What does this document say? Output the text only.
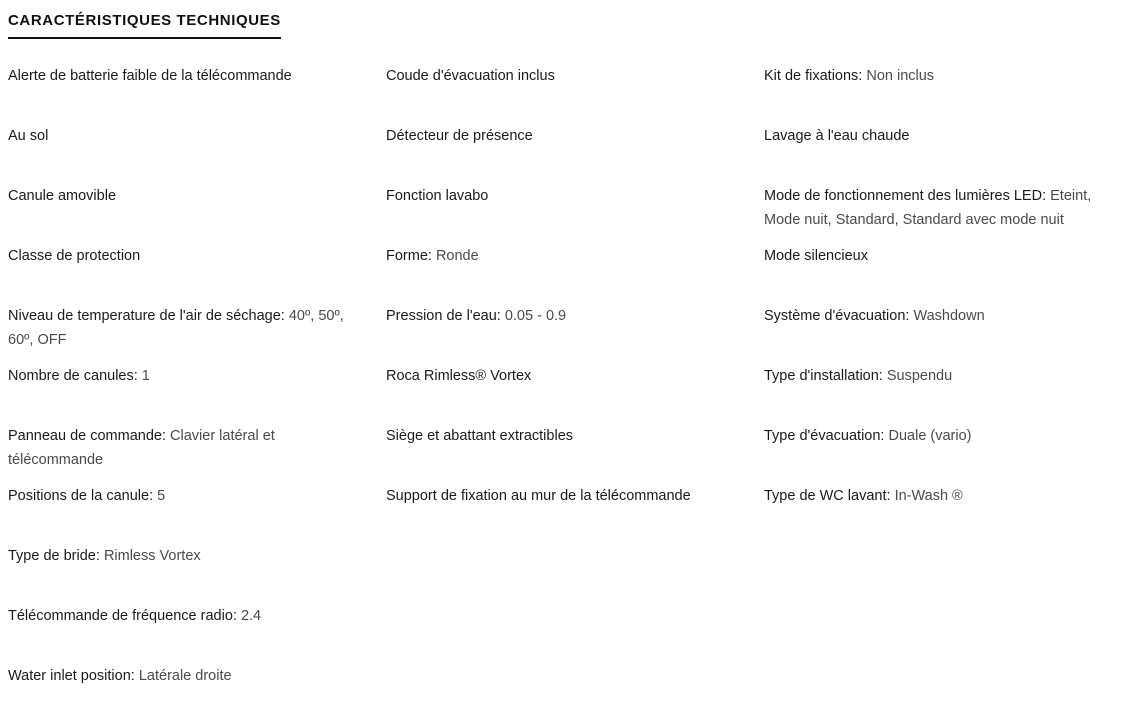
CARACTÉRISTIQUES TECHNIQUES
Alerte de batterie faible de la télécommande
Au sol
Canule amovible
Classe de protection
Niveau de temperature de l'air de séchage: 40º, 50º, 60º, OFF
Nombre de canules: 1
Panneau de commande: Clavier latéral et télécommande
Positions de la canule: 5
Type de bride: Rimless Vortex
Télécommande de fréquence radio: 2.4
Water inlet position: Latérale droite
Coude d'évacuation inclus
Détecteur de présence
Fonction lavabo
Forme: Ronde
Pression de l'eau: 0.05 - 0.9
Roca Rimless® Vortex
Siège et abattant extractibles
Support de fixation au mur de la télécommande
Kit de fixations: Non inclus
Lavage à l'eau chaude
Mode de fonctionnement des lumières LED: Eteint, Mode nuit, Standard, Standard avec mode nuit
Mode silencieux
Système d'évacuation: Washdown
Type d'installation: Suspendu
Type d'évacuation: Duale (vario)
Type de WC lavant: In-Wash ®
